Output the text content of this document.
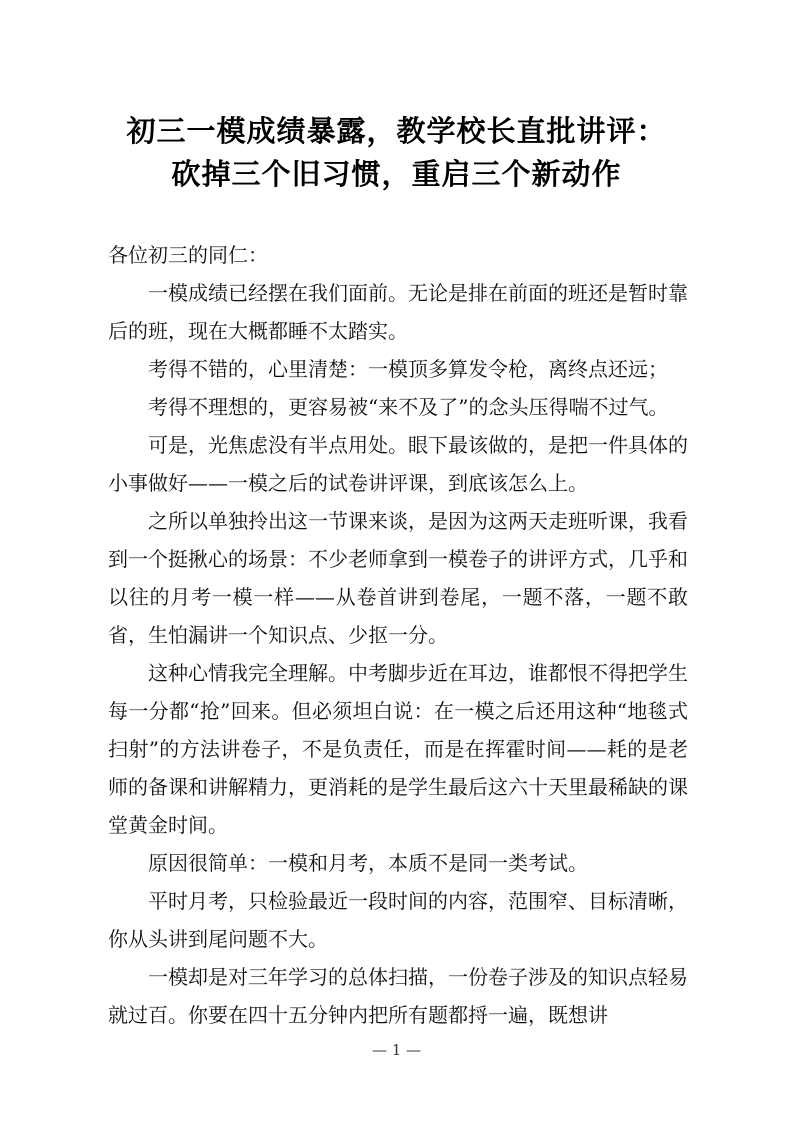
初三一模成绩暴露，教学校长直批讲评：
砍掉三个旧习惯，重启三个新动作

各位初三的同仁：

一模成绩已经摆在我们面前。无论是排在前面的班还是暂时靠后的班，现在大概都睡不太踏实。

考得不错的，心里清楚：一模顶多算发令枪，离终点还远；

考得不理想的，更容易被“来不及了”的念头压得喘不过气。

可是，光焦虑没有半点用处。眼下最该做的，是把一件具体的小事做好——一模之后的试卷讲评课，到底该怎么上。

之所以单独拎出这一节课来谈，是因为这两天走班听课，我看到一个挺揪心的场景：不少老师拿到一模卷子的讲评方式，几乎和以往的月考一模一样——从卷首讲到卷尾，一题不落，一题不敢省，生怕漏讲一个知识点、少抠一分。

这种心情我完全理解。中考脚步近在耳边，谁都恨不得把学生每一分都“抢”回来。但必须坦白说：在一模之后还用这种“地毯式扫射”的方法讲卷子，不是负责任，而是在挥霍时间——耗的是老师的备课和讲解精力，更消耗的是学生最后这六十天里最稀缺的课堂黄金时间。

原因很简单：一模和月考，本质不是同一类考试。

平时月考，只检验最近一段时间的内容，范围窄、目标清晰，你从头讲到尾问题不大。

一模却是对三年学习的总体扫描，一份卷子涉及的知识点轻易就过百。你要在四十五分钟内把所有题都捋一遍，既想讲

— 1 —
